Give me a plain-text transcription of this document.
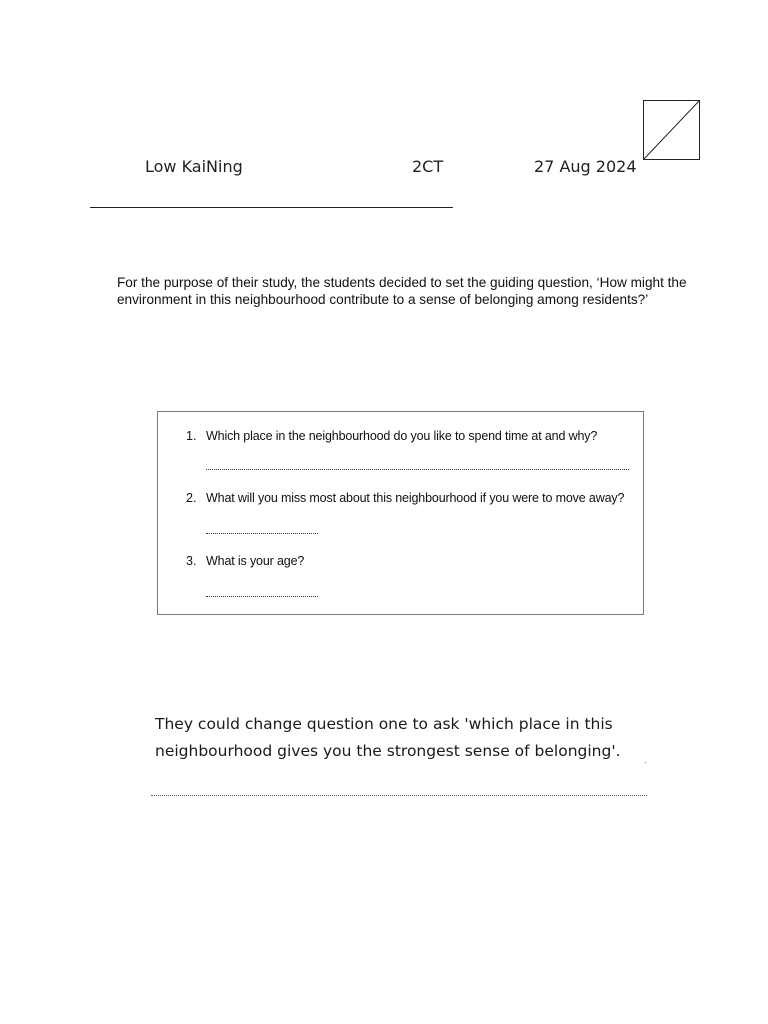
Low KaiNing	2CT	27 Aug 2024
For the purpose of their study, the students decided to set the guiding question, ‘How might the environment in this neighbourhood contribute to a sense of belonging among residents?’
1. Which place in the neighbourhood do you like to spend time at and why?
2. What will you miss most about this neighbourhood if you were to move away?
3. What is your age?
They could change question one to ask 'which place in this neighbourhood gives you the strongest sense of belonging'.
